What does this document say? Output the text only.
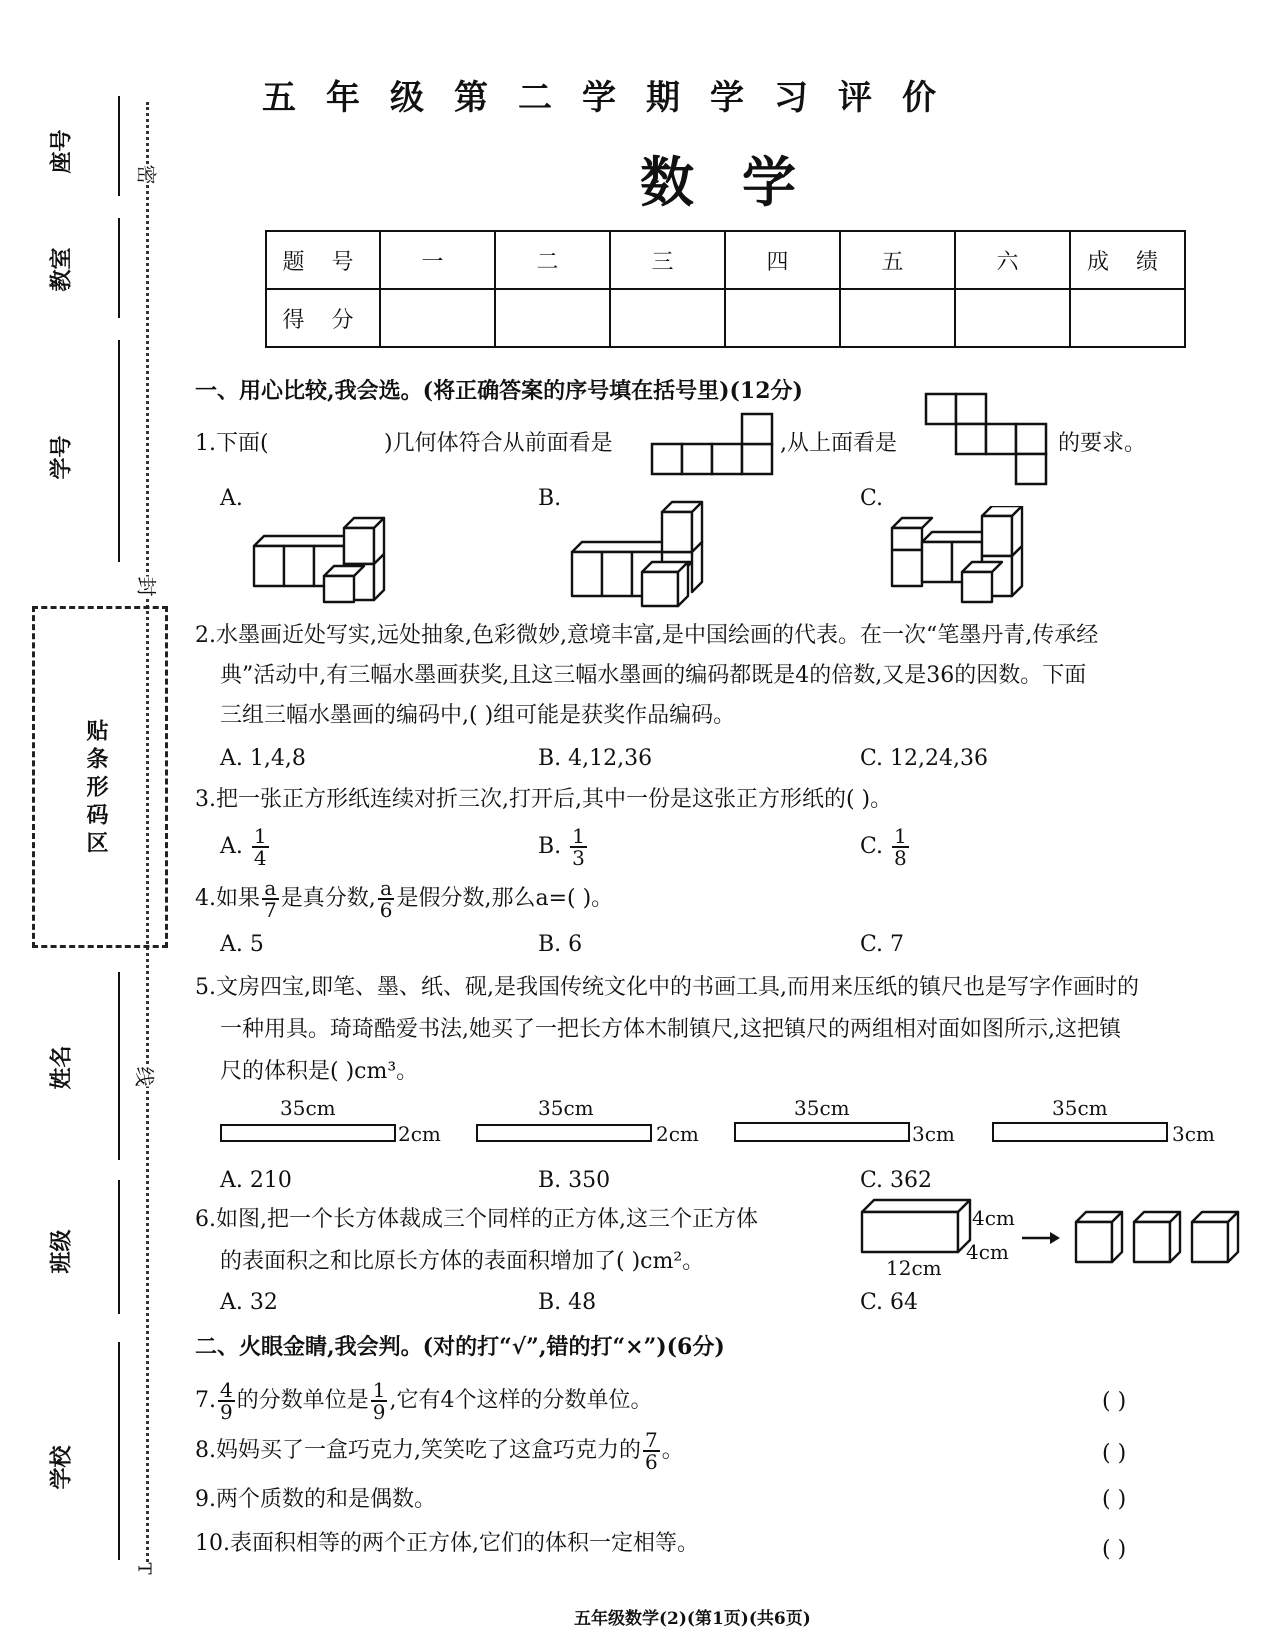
座号
教室
学号
姓名
班级
学校
密
封
线
T
贴条形码区
五年级第二学期学习评价
数学
题 号	一	二	三	四	五	六	成 绩
得 分							
一、用心比较,我会选。(将正确答案的序号填在括号里)(12分)
1.下面(	)几何体符合从前面看是	,从上面看是	的要求。
A.	B.	C.
2.水墨画近处写实,远处抽象,色彩微妙,意境丰富,是中国绘画的代表。在一次“笔墨丹青,传承经
典”活动中,有三幅水墨画获奖,且这三幅水墨画的编码都既是4的倍数,又是36的因数。下面
三组三幅水墨画的编码中,( )组可能是获奖作品编码。
A. 1,4,8	B. 4,12,36	C. 12,24,36
3.把一张正方形纸连续对折三次,打开后,其中一份是这张正方形纸的( )。
A. $\frac{1}{4}$	B. $\frac{1}{3}$	C. $\frac{1}{8}$
4.如果 $\frac{a}{7}$ 是真分数, $\frac{a}{6}$ 是假分数,那么a=( )。
A. 5	B. 6	C. 7
5.文房四宝,即笔、墨、纸、砚,是我国传统文化中的书画工具,而用来压纸的镇尺也是写字作画时的
一种用具。琦琦酷爱书法,她买了一把长方体木制镇尺,这把镇尺的两组相对面如图所示,这把镇
尺的体积是( )cm³。
35cm
2cm
35cm
2cm
35cm
3cm
35cm
3cm
A. 210	B. 350	C. 362
6.如图,把一个长方体裁成三个同样的正方体,这三个正方体
的表面积之和比原长方体的表面积增加了( )cm²。
4cm
4cm
12cm
A. 32	B. 48	C. 64
二、火眼金睛,我会判。(对的打“√”,错的打“×”)(6分)
7. $\frac{4}{9}$ 的分数单位是 $\frac{1}{9}$ ,它有4个这样的分数单位。	( )
8.妈妈买了一盒巧克力,笑笑吃了这盒巧克力的 $\frac{7}{6}$ 。	( )
9.两个质数的和是偶数。	( )
10.表面积相等的两个正方体,它们的体积一定相等。	( )
五年级数学(2)(第1页)(共6页)
